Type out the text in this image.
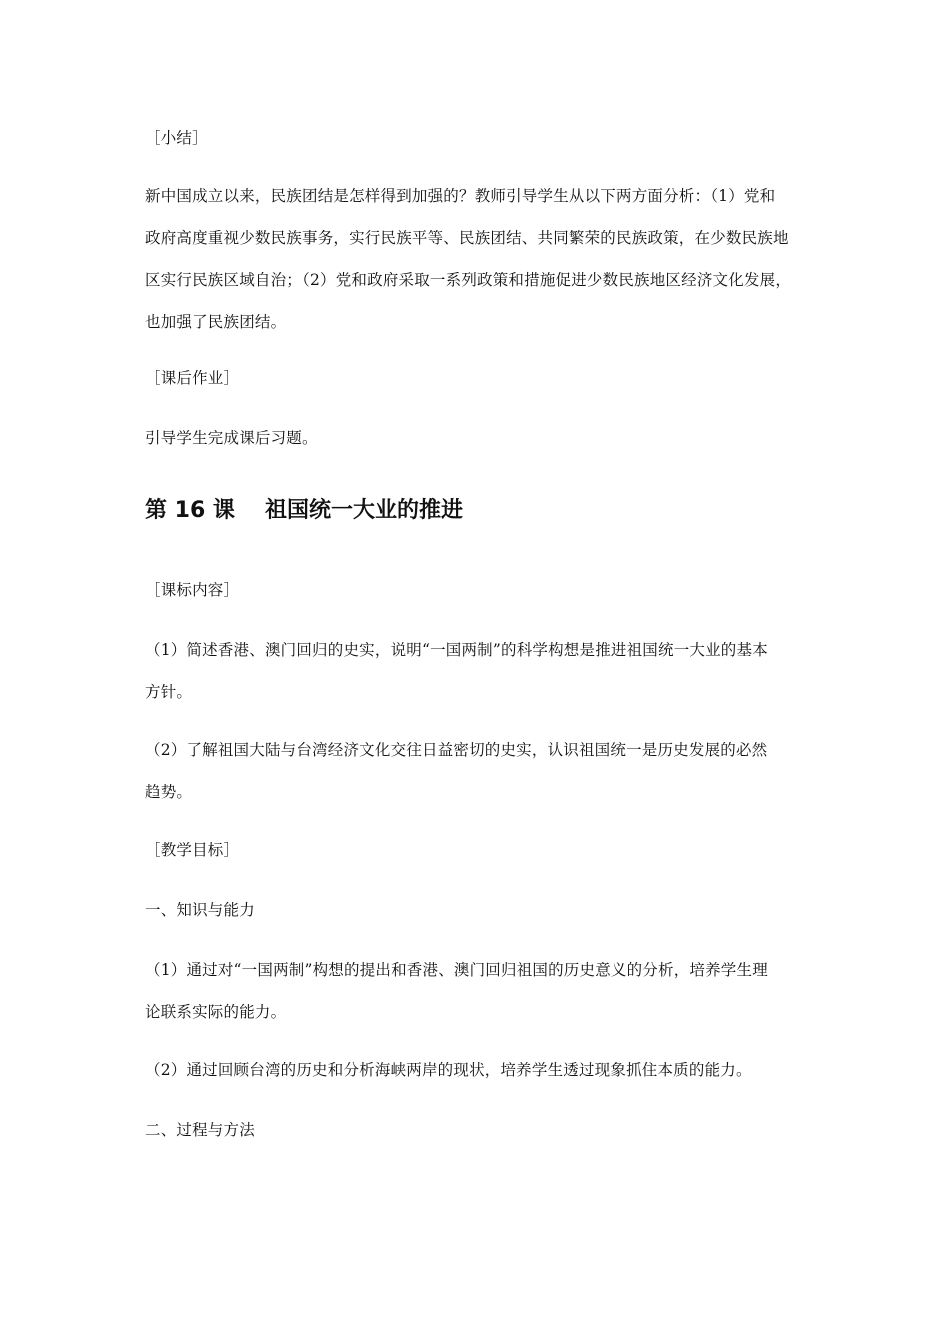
［小结］
新中国成立以来，民族团结是怎样得到加强的？教师引导学生从以下两方面分析：（1）党和
政府高度重视少数民族事务，实行民族平等、民族团结、共同繁荣的民族政策，在少数民族地
区实行民族区域自治；（2）党和政府采取一系列政策和措施促进少数民族地区经济文化发展，
也加强了民族团结。
［课后作业］
引导学生完成课后习题。
第 16 课 祖国统一大业的推进
［课标内容］
（1）简述香港、澳门回归的史实，说明“一国两制”的科学构想是推进祖国统一大业的基本
方针。
（2）了解祖国大陆与台湾经济文化交往日益密切的史实，认识祖国统一是历史发展的必然
趋势。
［教学目标］
一、知识与能力
（1）通过对“一国两制”构想的提出和香港、澳门回归祖国的历史意义的分析，培养学生理
论联系实际的能力。
（2）通过回顾台湾的历史和分析海峡两岸的现状，培养学生透过现象抓住本质的能力。
二、过程与方法
